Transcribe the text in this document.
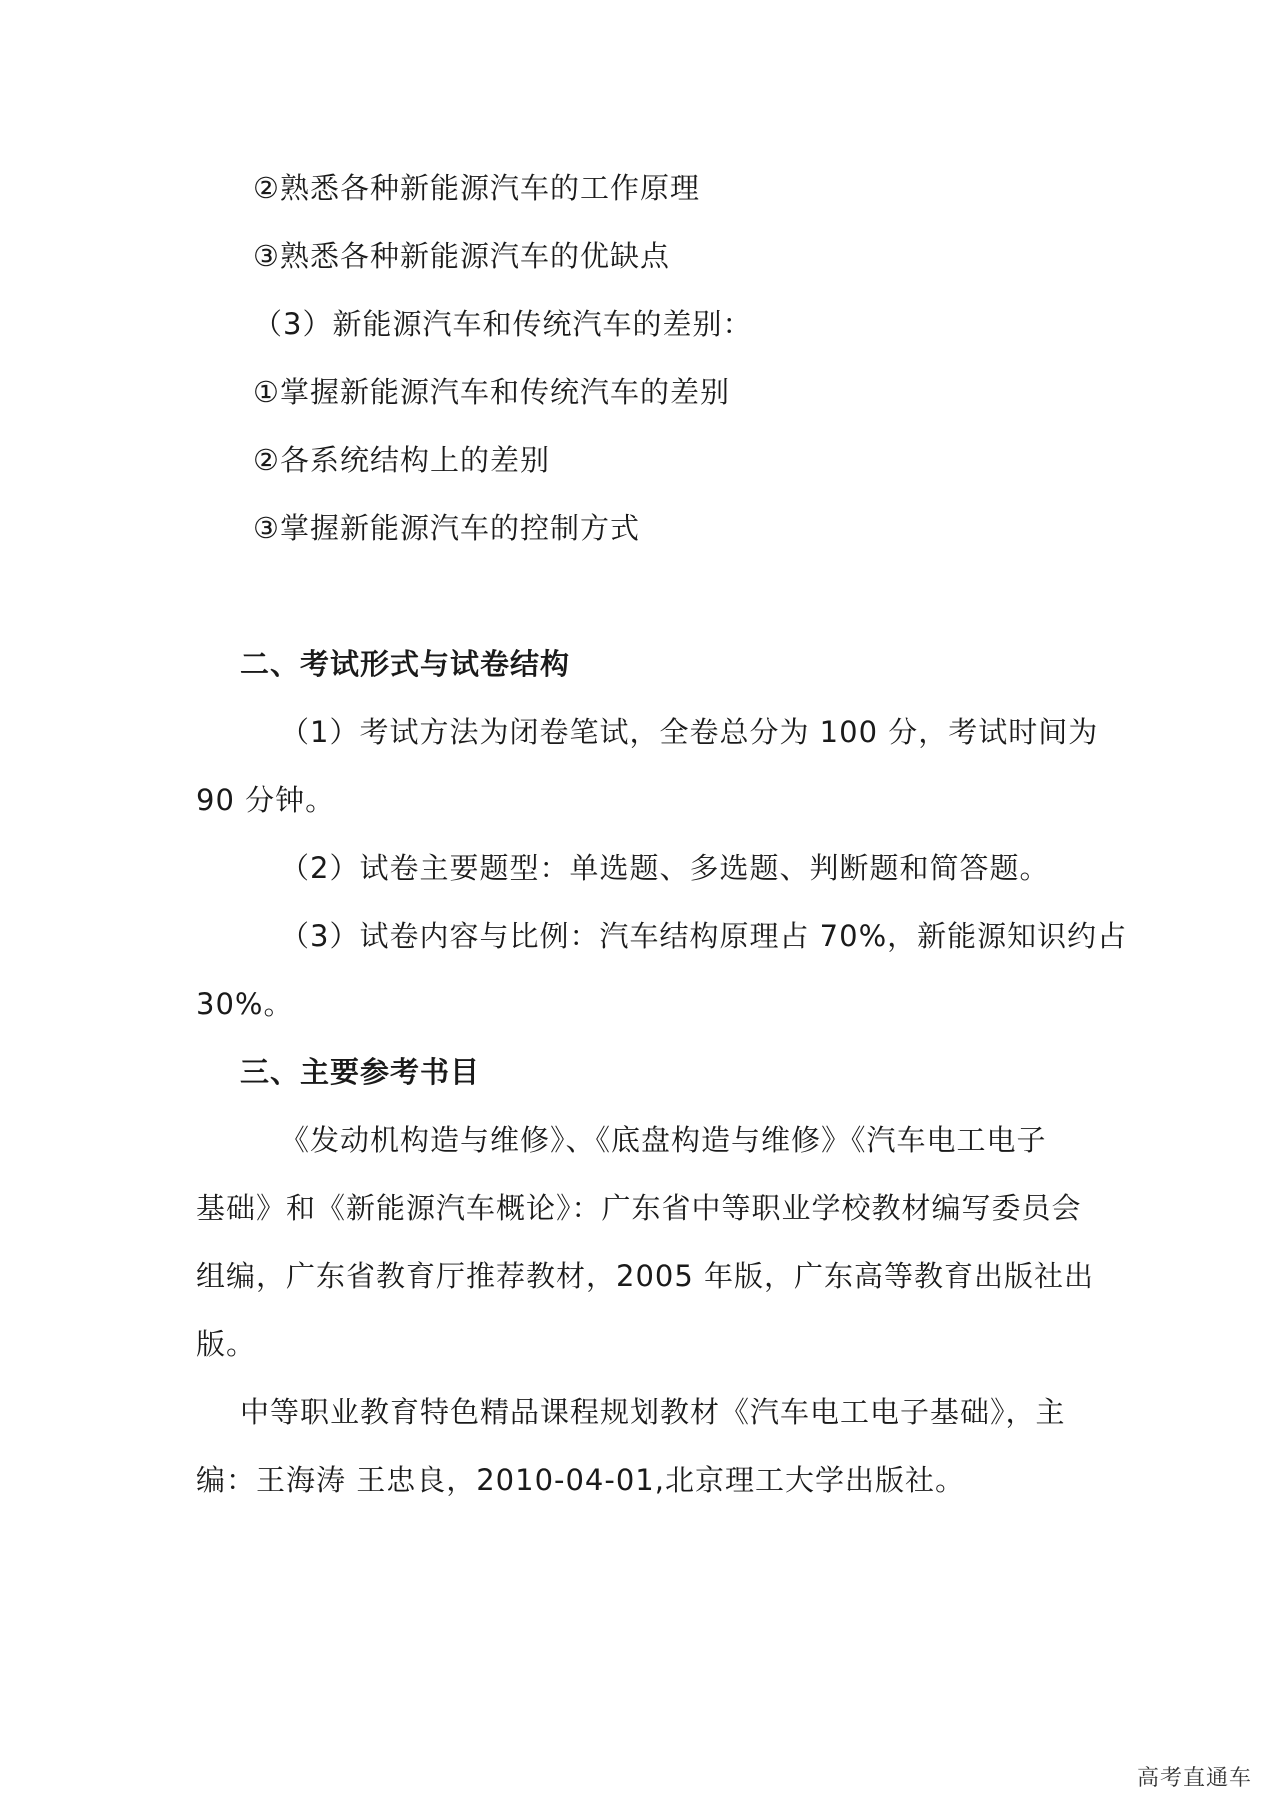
②熟悉各种新能源汽车的工作原理
③熟悉各种新能源汽车的优缺点
（3）新能源汽车和传统汽车的差别：
①掌握新能源汽车和传统汽车的差别
②各系统结构上的差别
③掌握新能源汽车的控制方式
二、考试形式与试卷结构
（1）考试方法为闭卷笔试，全卷总分为 100 分，考试时间为
90 分钟。
（2）试卷主要题型：单选题、多选题、判断题和简答题。
（3）试卷内容与比例：汽车结构原理占 70%，新能源知识约占
30%。
三、主要参考书目
《发动机构造与维修》、《底盘构造与维修》《汽车电工电子
基础》和《新能源汽车概论》：广东省中等职业学校教材编写委员会
组编，广东省教育厅推荐教材，2005 年版，广东高等教育出版社出
版。
中等职业教育特色精品课程规划教材《汽车电工电子基础》，主
编：王海涛 王忠良，2010-04-01,北京理工大学出版社。
高考直通车
